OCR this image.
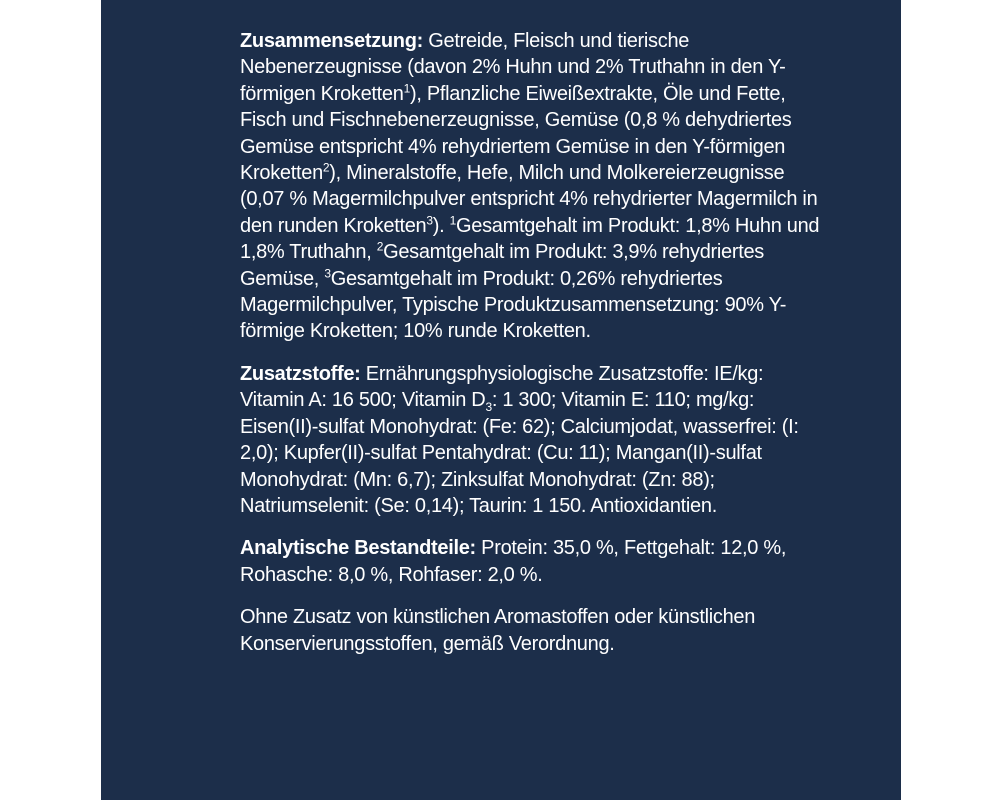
Zusammensetzung: Getreide, Fleisch und tierische Nebenerzeugnisse (davon 2% Huhn und 2% Truthahn in den Y-förmigen Kroketten$^1$), Pflanzliche Eiweißextrakte, Öle und Fette, Fisch und Fischnebenerzeugnisse, Gemüse (0,8 % dehydriertes Gemüse entspricht 4% rehydriertem Gemüse in den Y-förmigen Kroketten$^2$), Mineralstoffe, Hefe, Milch und Molkereierzeugnisse (0,07 % Magermilchpulver entspricht 4% rehydrierter Magermilch in den runden Kroketten$^3$). $^1$Gesamtgehalt im Produkt: 1,8% Huhn und 1,8% Truthahn, $^2$Gesamtgehalt im Produkt: 3,9% rehydriertes Gemüse, $^3$Gesamtgehalt im Produkt: 0,26% rehydriertes Magermilchpulver, Typische Produktzusammensetzung: 90% Y-förmige Kroketten; 10% runde Kroketten.

Zusatzstoffe: Ernährungsphysiologische Zusatzstoffe: IE/kg: Vitamin A: 16 500; Vitamin $D_3$: 1 300; Vitamin E: 110; mg/kg: Eisen(II)-sulfat Monohydrat: (Fe: 62); Calciumjodat, wasserfrei: (I: 2,0); Kupfer(II)-sulfat Pentahydrat: (Cu: 11); Mangan(II)-sulfat Monohydrat: (Mn: 6,7); Zinksulfat Monohydrat: (Zn: 88); Natriumselenit: (Se: 0,14); Taurin: 1 150. Antioxidantien.

Analytische Bestandteile: Protein: 35,0 %, Fettgehalt: 12,0 %, Rohasche: 8,0 %, Rohfaser: 2,0 %.

Ohne Zusatz von künstlichen Aromastoffen oder künstlichen Konservierungsstoffen, gemäß Verordnung.
